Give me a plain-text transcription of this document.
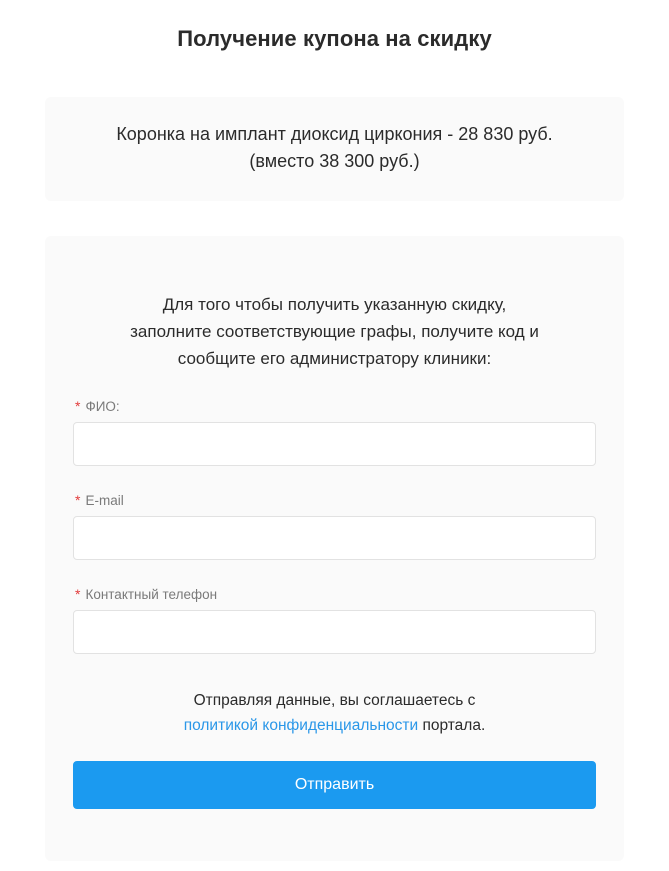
Получение купона на скидку

Коронка на имплант диоксид циркония - 28 830 руб.
(вместо 38 300 руб.)

Для того чтобы получить указанную скидку,
заполните соответствующие графы, получите код и
сообщите его администратору клиники:

* ФИО:
* E-mail
* Контактный телефон

Отправляя данные, вы соглашаетесь с
политикой конфиденциальности портала.

Отправить
